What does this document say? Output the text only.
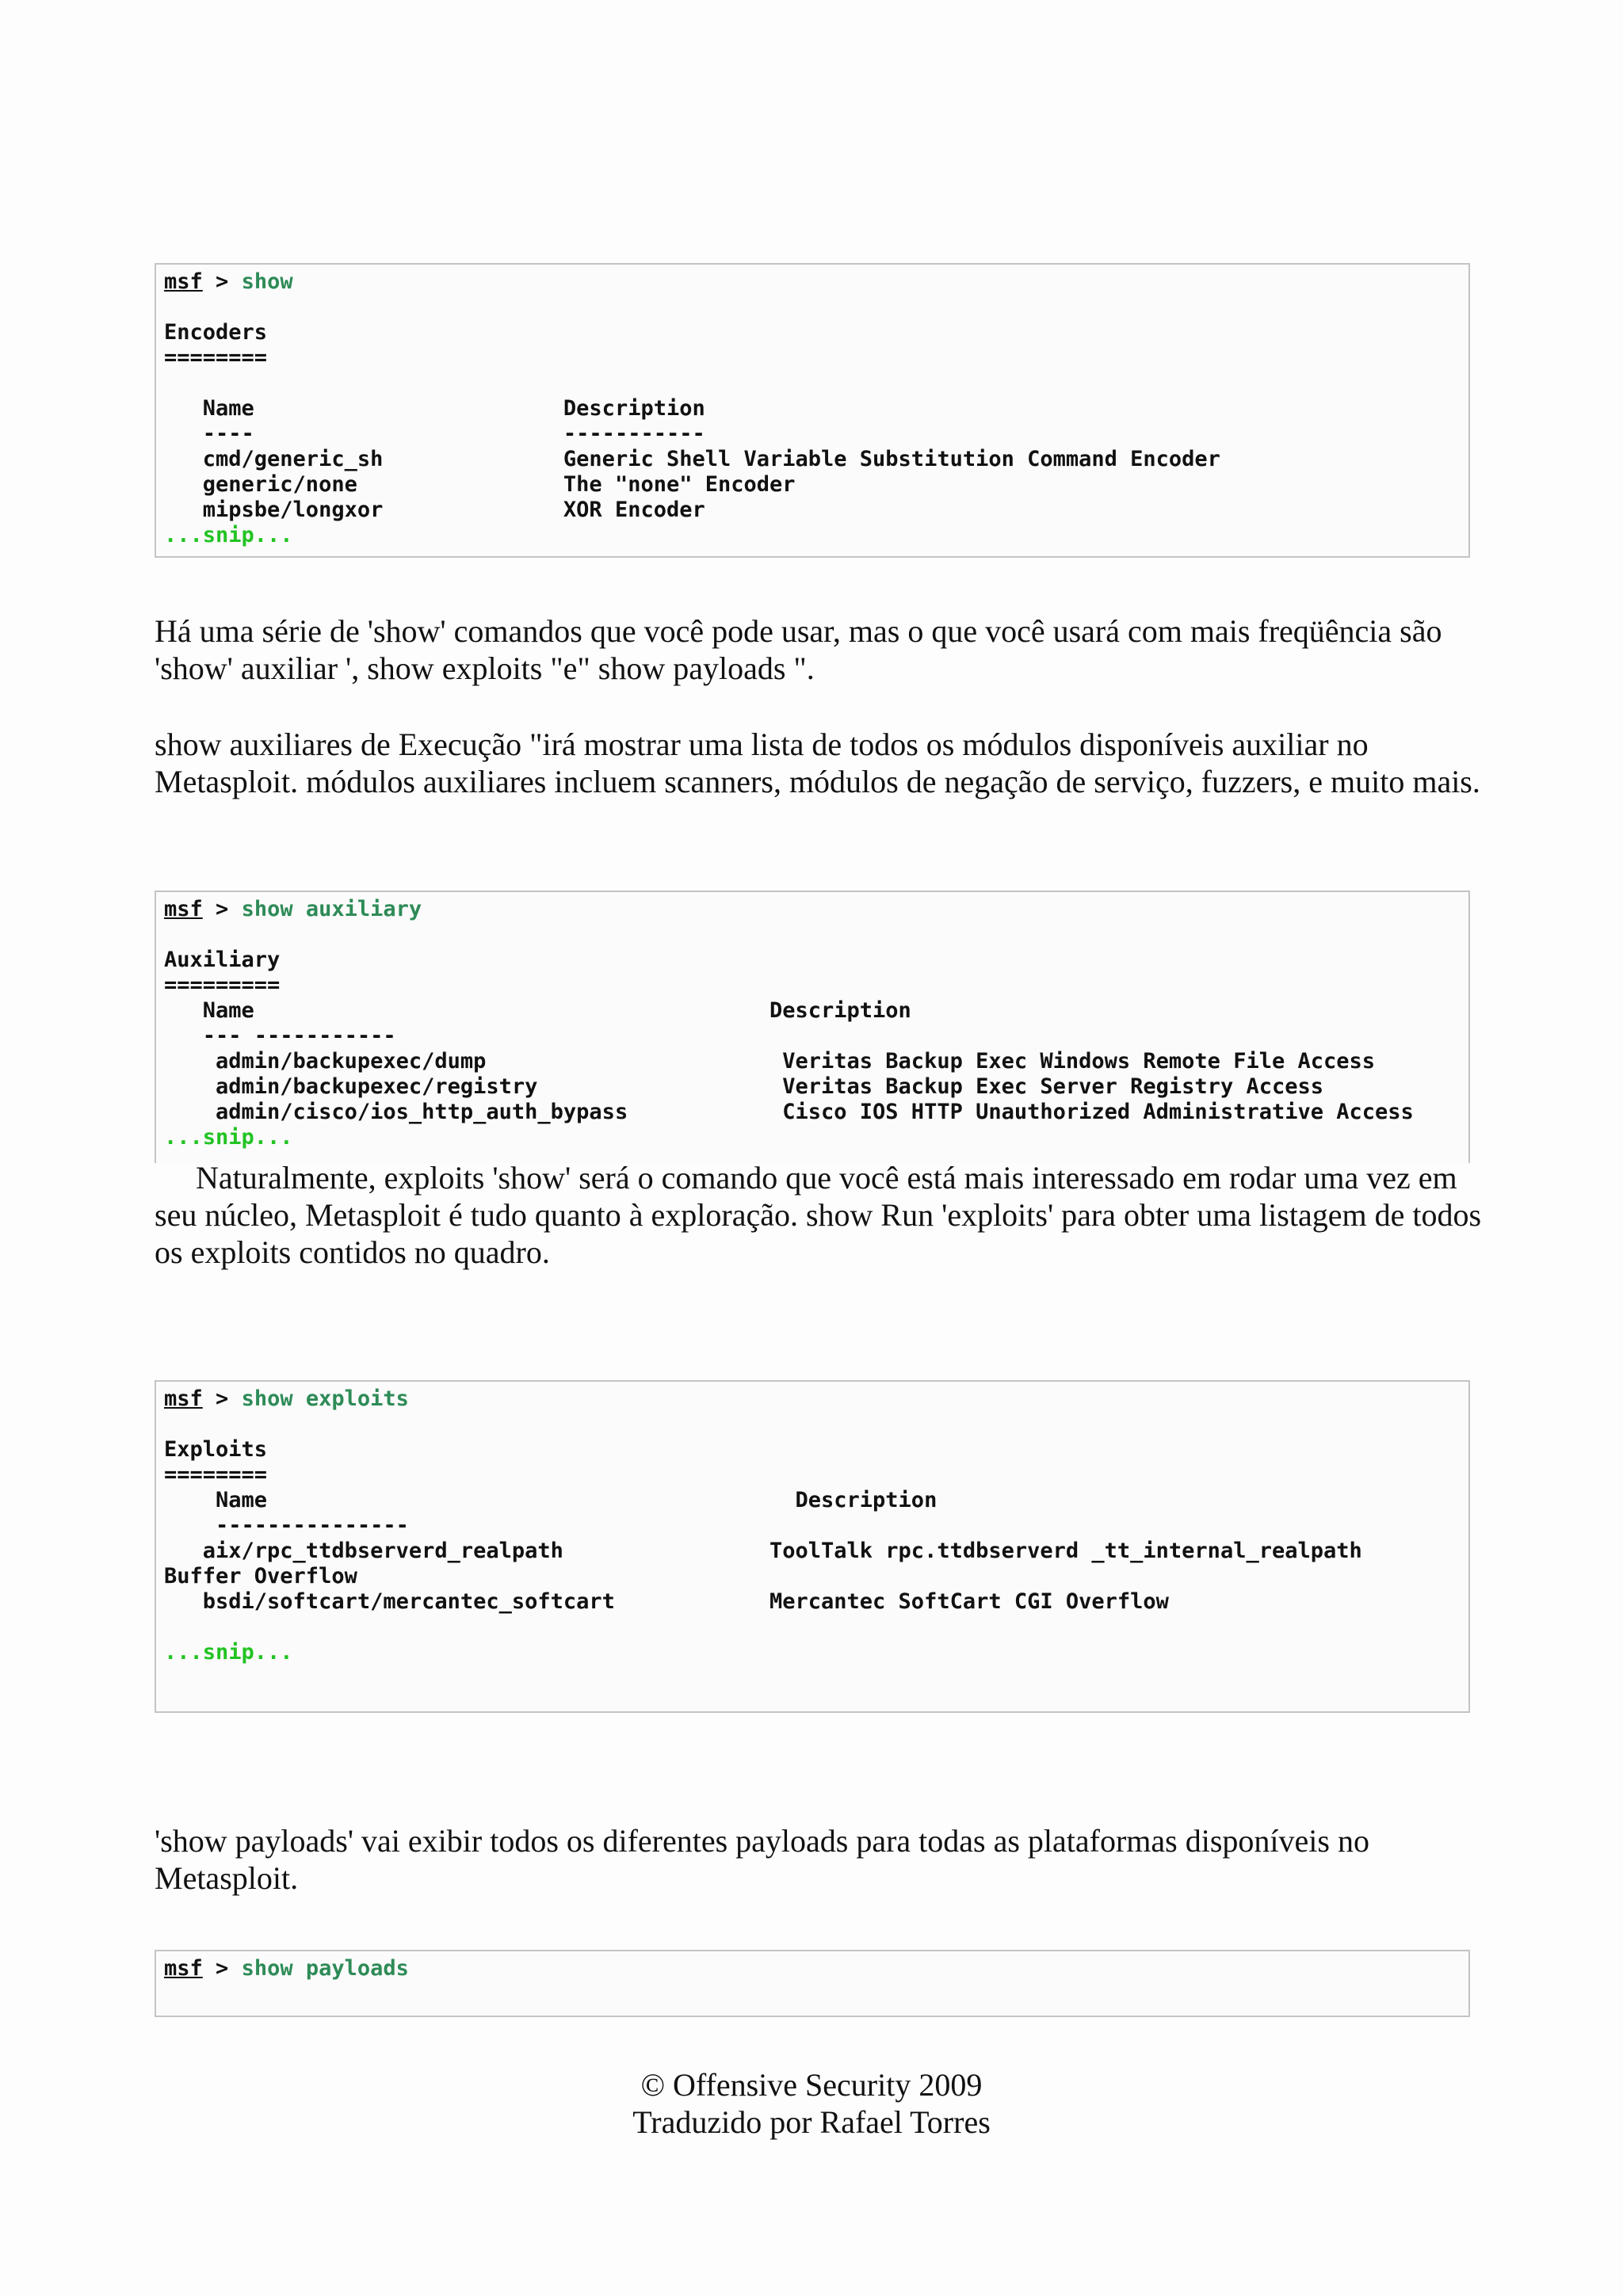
msf > show

Encoders
========

Name                        Description
----                        -----------
cmd/generic_sh              Generic Shell Variable Substitution Command Encoder
generic/none                The "none" Encoder
mipsbe/longxor              XOR Encoder
...snip...

Há uma série de 'show' comandos que você pode usar, mas o que você usará com mais freqüência são 'show' auxiliar ', show exploits "e" show payloads ".

show auxiliares de Execução "irá mostrar uma lista de todos os módulos disponíveis auxiliar no Metasploit. módulos auxiliares incluem scanners, módulos de negação de serviço, fuzzers, e muito mais.

msf > show auxiliary

Auxiliary
=========
Name                                        Description
--- -----------
admin/backupexec/dump                       Veritas Backup Exec Windows Remote File Access
admin/backupexec/registry                   Veritas Backup Exec Server Registry Access
admin/cisco/ios_http_auth_bypass            Cisco IOS HTTP Unauthorized Administrative Access
...snip...

Naturalmente, exploits 'show' será o comando que você está mais interessado em rodar uma vez em seu núcleo, Metasploit é tudo quanto à exploração. show Run 'exploits' para obter uma listagem de todos os exploits contidos no quadro.

msf > show exploits

Exploits
========
Name                                         Description
---------------
aix/rpc_ttdbserverd_realpath                ToolTalk rpc.ttdbserverd _tt_internal_realpath
Buffer Overflow
bsdi/softcart/mercantec_softcart            Mercantec SoftCart CGI Overflow

...snip...

'show payloads' vai exibir todos os diferentes payloads para todas as plataformas disponíveis no Metasploit.

msf > show payloads
© Offensive Security 2009
Traduzido por Rafael Torres
